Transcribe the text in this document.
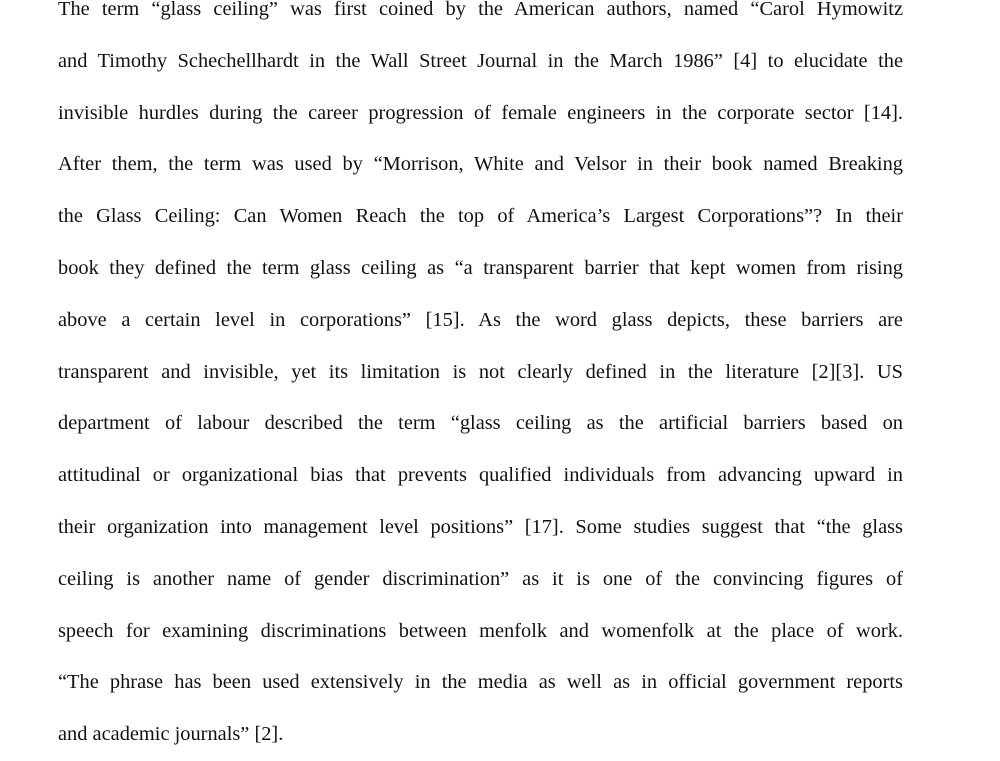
The term “glass ceiling” was first coined by the American authors, named “Carol Hymowitz
and Timothy Schechellhardt in the Wall Street Journal in the March 1986” [4] to elucidate the
invisible hurdles during the career progression of female engineers in the corporate sector [14].
After them, the term was used by “Morrison, White and Velsor in their book named Breaking
the Glass Ceiling: Can Women Reach the top of America’s Largest Corporations”? In their
book they defined the term glass ceiling as “a transparent barrier that kept women from rising
above a certain level in corporations” [15]. As the word glass depicts, these barriers are
transparent and invisible, yet its limitation is not clearly defined in the literature [2][3]. US
department of labour described the term “glass ceiling as the artificial barriers based on
attitudinal or organizational bias that prevents qualified individuals from advancing upward in
their organization into management level positions” [17]. Some studies suggest that “the glass
ceiling is another name of gender discrimination” as it is one of the convincing figures of
speech for examining discriminations between menfolk and womenfolk at the place of work.
“The phrase has been used extensively in the media as well as in official government reports
and academic journals” [2].
